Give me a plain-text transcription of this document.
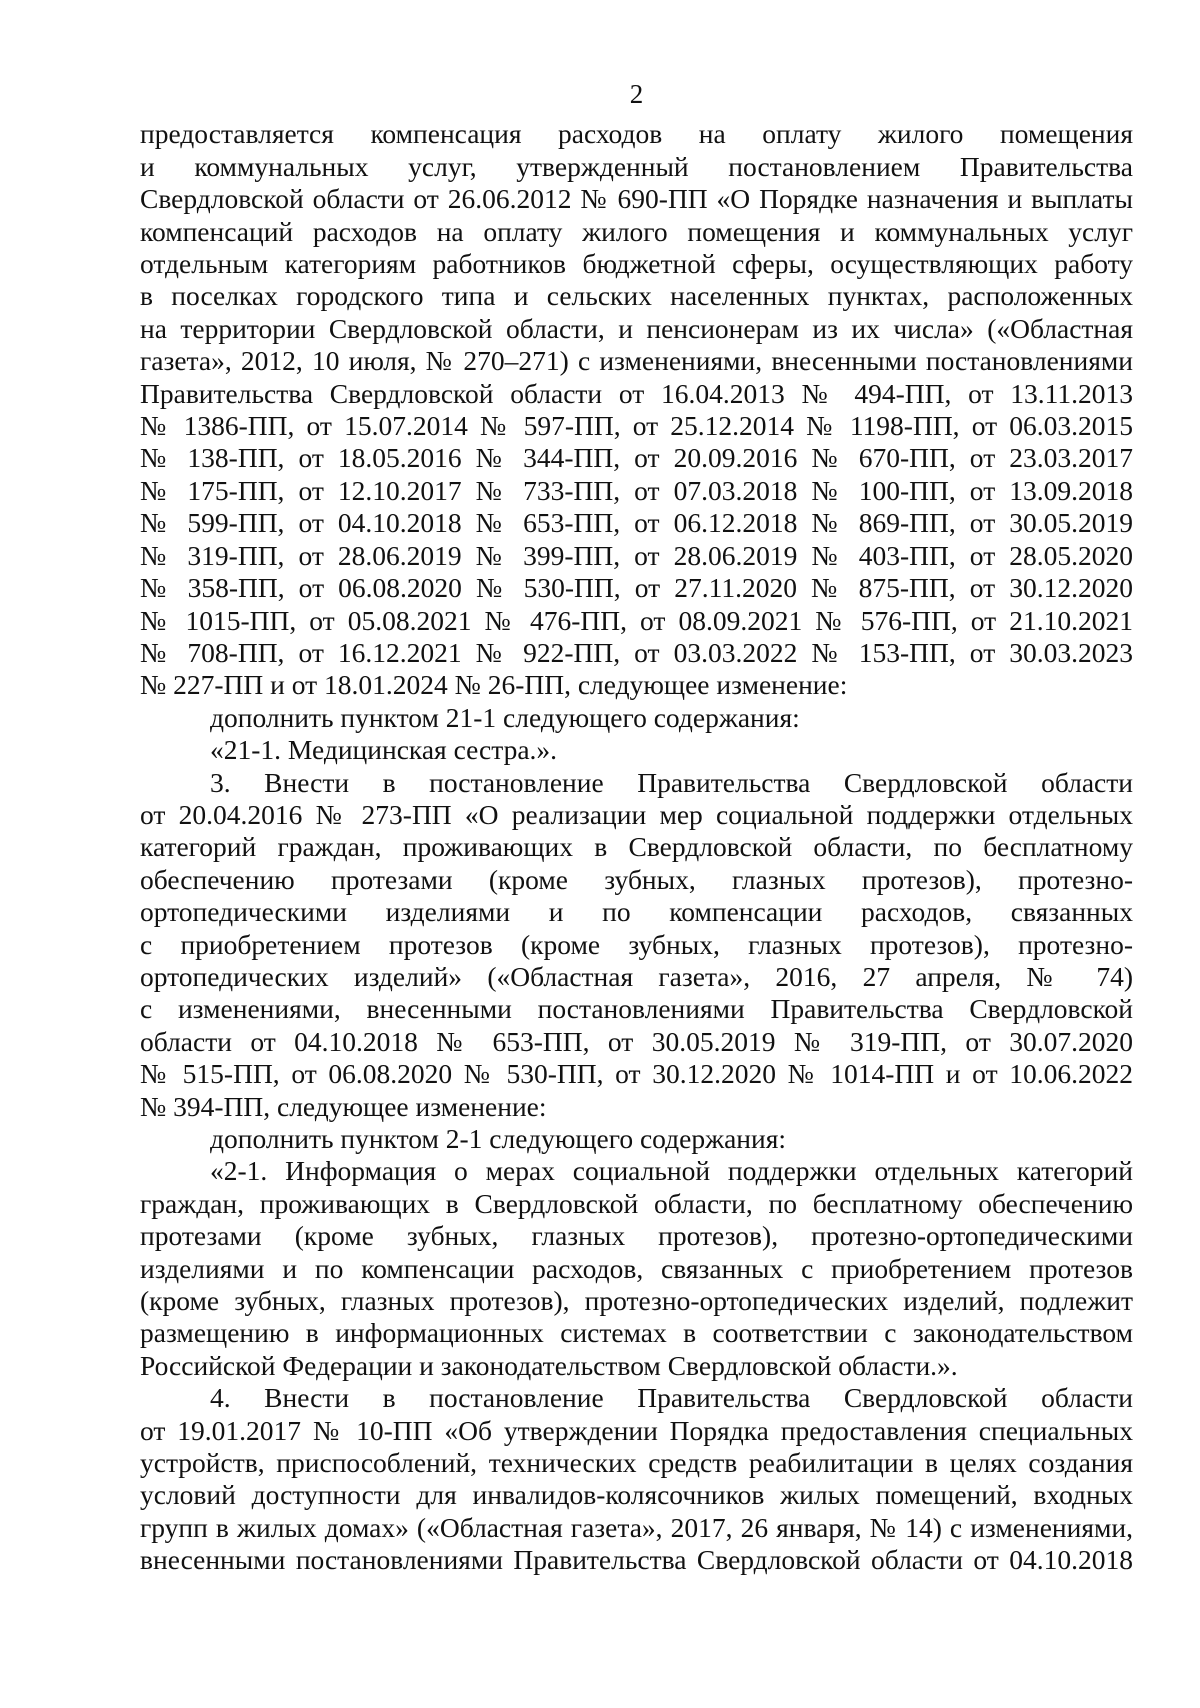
2
предоставляется компенсация расходов на оплату жилого помещения
и коммунальных услуг, утвержденный постановлением Правительства
Свердловской области от 26.06.2012 № 690-ПП «О Порядке назначения и выплаты
компенсаций расходов на оплату жилого помещения и коммунальных услуг
отдельным категориям работников бюджетной сферы, осуществляющих работу
в поселках городского типа и сельских населенных пунктах, расположенных
на территории Свердловской области, и пенсионерам из их числа» («Областная
газета», 2012, 10 июля, № 270–271) с изменениями, внесенными постановлениями
Правительства Свердловской области от 16.04.2013 № 494-ПП, от 13.11.2013
№ 1386-ПП, от 15.07.2014 № 597-ПП, от 25.12.2014 № 1198-ПП, от 06.03.2015
№ 138-ПП, от 18.05.2016 № 344-ПП, от 20.09.2016 № 670-ПП, от 23.03.2017
№ 175-ПП, от 12.10.2017 № 733-ПП, от 07.03.2018 № 100-ПП, от 13.09.2018
№ 599-ПП, от 04.10.2018 № 653-ПП, от 06.12.2018 № 869-ПП, от 30.05.2019
№ 319-ПП, от 28.06.2019 № 399-ПП, от 28.06.2019 № 403-ПП, от 28.05.2020
№ 358-ПП, от 06.08.2020 № 530-ПП, от 27.11.2020 № 875-ПП, от 30.12.2020
№ 1015-ПП, от 05.08.2021 № 476-ПП, от 08.09.2021 № 576-ПП, от 21.10.2021
№ 708-ПП, от 16.12.2021 № 922-ПП, от 03.03.2022 № 153-ПП, от 30.03.2023
№ 227-ПП и от 18.01.2024 № 26-ПП, следующее изменение:
дополнить пунктом 21-1 следующего содержания:
«21-1. Медицинская сестра.».
3. Внести в постановление Правительства Свердловской области
от 20.04.2016 № 273-ПП «О реализации мер социальной поддержки отдельных
категорий граждан, проживающих в Свердловской области, по бесплатному
обеспечению протезами (кроме зубных, глазных протезов), протезно-
ортопедическими изделиями и по компенсации расходов, связанных
с приобретением протезов (кроме зубных, глазных протезов), протезно-
ортопедических изделий» («Областная газета», 2016, 27 апреля, № 74)
с изменениями, внесенными постановлениями Правительства Свердловской
области от 04.10.2018 № 653-ПП, от 30.05.2019 № 319-ПП, от 30.07.2020
№ 515-ПП, от 06.08.2020 № 530-ПП, от 30.12.2020 № 1014-ПП и от 10.06.2022
№ 394-ПП, следующее изменение:
дополнить пунктом 2-1 следующего содержания:
«2-1. Информация о мерах социальной поддержки отдельных категорий
граждан, проживающих в Свердловской области, по бесплатному обеспечению
протезами (кроме зубных, глазных протезов), протезно-ортопедическими
изделиями и по компенсации расходов, связанных с приобретением протезов
(кроме зубных, глазных протезов), протезно-ортопедических изделий, подлежит
размещению в информационных системах в соответствии с законодательством
Российской Федерации и законодательством Свердловской области.».
4. Внести в постановление Правительства Свердловской области
от 19.01.2017 № 10-ПП «Об утверждении Порядка предоставления специальных
устройств, приспособлений, технических средств реабилитации в целях создания
условий доступности для инвалидов-колясочников жилых помещений, входных
групп в жилых домах» («Областная газета», 2017, 26 января, № 14) с изменениями,
внесенными постановлениями Правительства Свердловской области от 04.10.2018
